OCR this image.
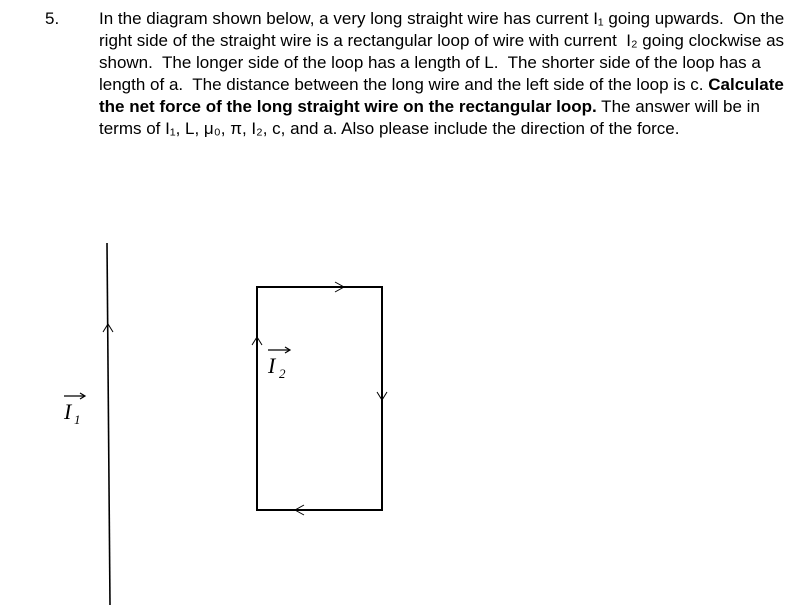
5. In the diagram shown below, a very long straight wire has current I₁ going upwards.  On the right side of the straight wire is a rectangular loop of wire with current  I₂ going clockwise as shown.  The longer side of the loop has a length of L.  The shorter side of the loop has a length of a.  The distance between the long wire and the left side of the loop is c. Calculate the net force of the long straight wire on the rectangular loop. The answer will be in terms of I₁, L, μ₀, π, I₂, c, and a. Also please include the direction of the force.
I 1
I 2
